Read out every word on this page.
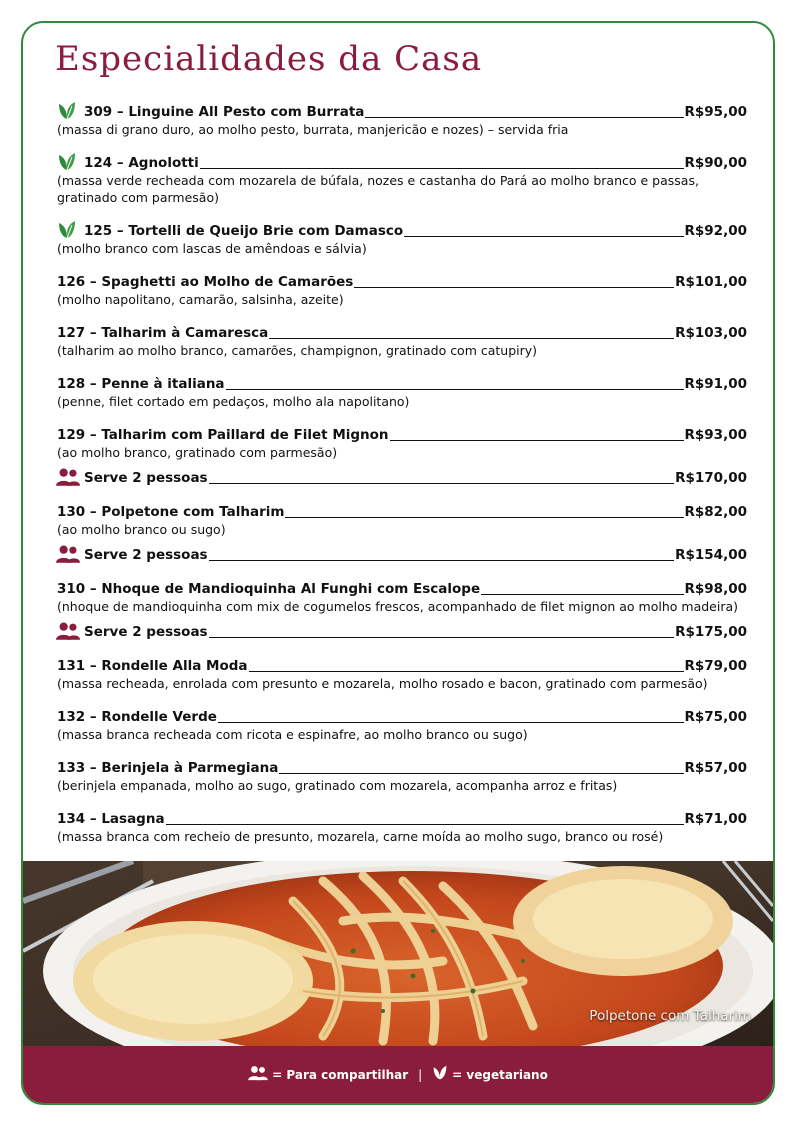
Especialidades da Casa
309 – Linguine All Pesto com Burrata	R$95,00
(massa di grano duro, ao molho pesto, burrata, manjericão e nozes) – servida fria
124 – Agnolotti	R$90,00
(massa verde recheada com mozarela de búfala, nozes e castanha do Pará ao molho branco e passas, gratinado com parmesão)
125 – Tortelli de Queijo Brie com Damasco	R$92,00
(molho branco com lascas de amêndoas e sálvia)
126 – Spaghetti ao Molho de Camarões	R$101,00
(molho napolitano, camarão, salsinha, azeite)
127 – Talharim à Camaresca	R$103,00
(talharim ao molho branco, camarões, champignon, gratinado com catupiry)
128 – Penne à italiana	R$91,00
(penne, filet cortado em pedaços, molho ala napolitano)
129 – Talharim com Paillard de Filet Mignon	R$93,00
(ao molho branco, gratinado com parmesão)
Serve 2 pessoas	R$170,00
130 – Polpetone com Talharim	R$82,00
(ao molho branco ou sugo)
Serve 2 pessoas	R$154,00
310 – Nhoque de Mandioquinha Al Funghi com Escalope	R$98,00
(nhoque de mandioquinha com mix de cogumelos frescos, acompanhado de filet mignon ao molho madeira)
Serve 2 pessoas	R$175,00
131 – Rondelle Alla Moda	R$79,00
(massa recheada, enrolada com presunto e mozarela, molho rosado e bacon, gratinado com parmesão)
132 – Rondelle Verde	R$75,00
(massa branca recheada com ricota e espinafre, ao molho branco ou sugo)
133 – Berinjela à Parmegiana	R$57,00
(berinjela empanada, molho ao sugo, gratinado com mozarela, acompanha arroz e fritas)
134 – Lasagna	R$71,00
(massa branca com recheio de presunto, mozarela, carne moída ao molho sugo, branco ou rosé)
Polpetone com Talharim
= Para compartilhar |	= vegetariano
